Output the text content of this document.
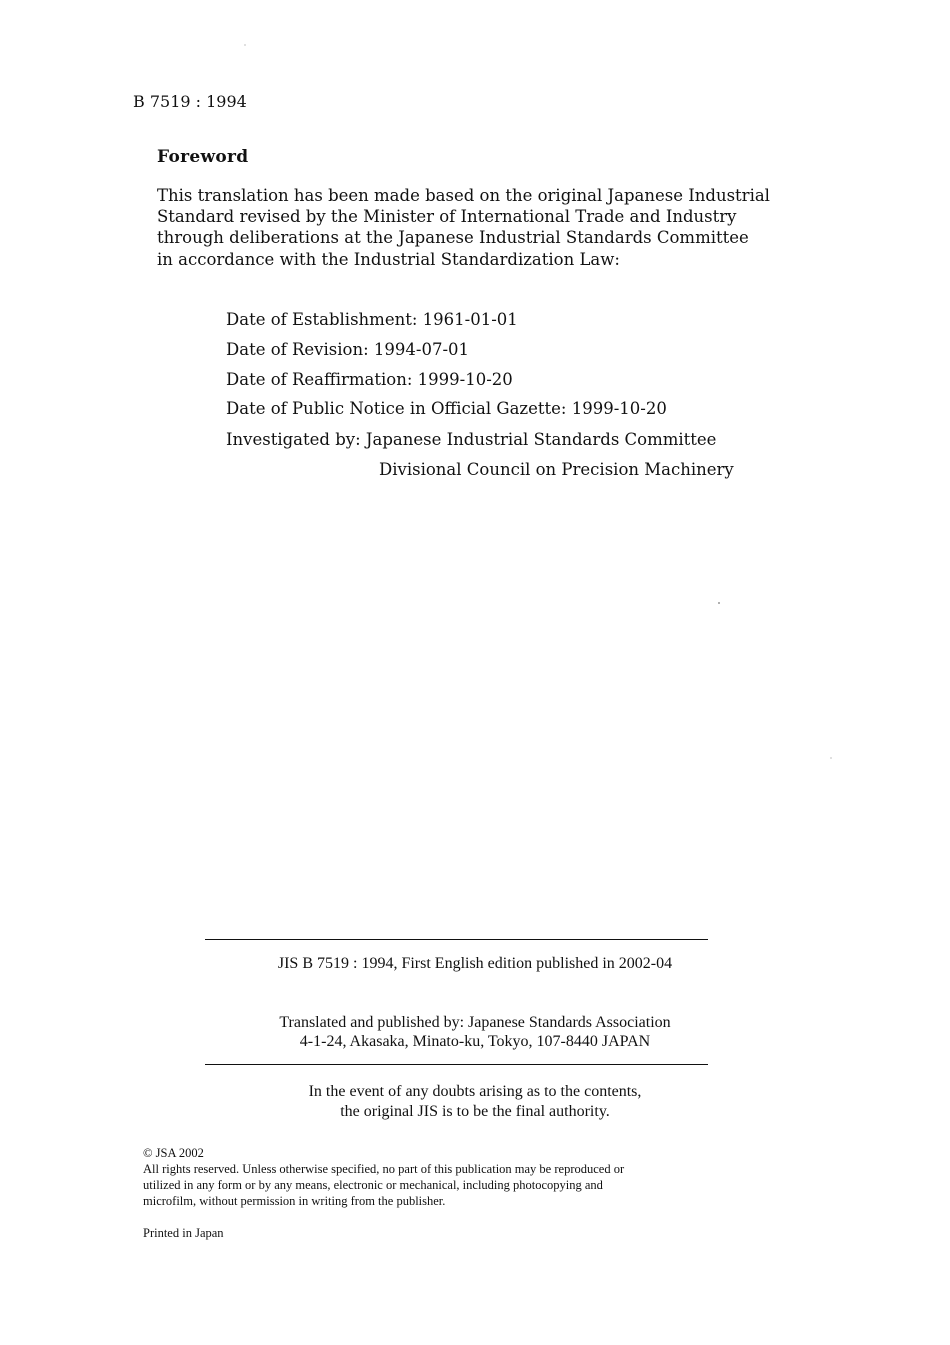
B 7519 : 1994
Foreword
This translation has been made based on the original Japanese Industrial
Standard revised by the Minister of International Trade and Industry
through deliberations at the Japanese Industrial Standards Committee
in accordance with the Industrial Standardization Law:
Date of Establishment: 1961-01-01
Date of Revision: 1994-07-01
Date of Reaffirmation: 1999-10-20
Date of Public Notice in Official Gazette: 1999-10-20
Investigated by: Japanese Industrial Standards Committee
Divisional Council on Precision Machinery
JIS B 7519 : 1994, First English edition published in 2002-04
Translated and published by: Japanese Standards Association
4-1-24, Akasaka, Minato-ku, Tokyo, 107-8440 JAPAN
In the event of any doubts arising as to the contents,
the original JIS is to be the final authority.
© JSA 2002
All rights reserved. Unless otherwise specified, no part of this publication may be reproduced or
utilized in any form or by any means, electronic or mechanical, including photocopying and
microfilm, without permission in writing from the publisher.
Printed in Japan
